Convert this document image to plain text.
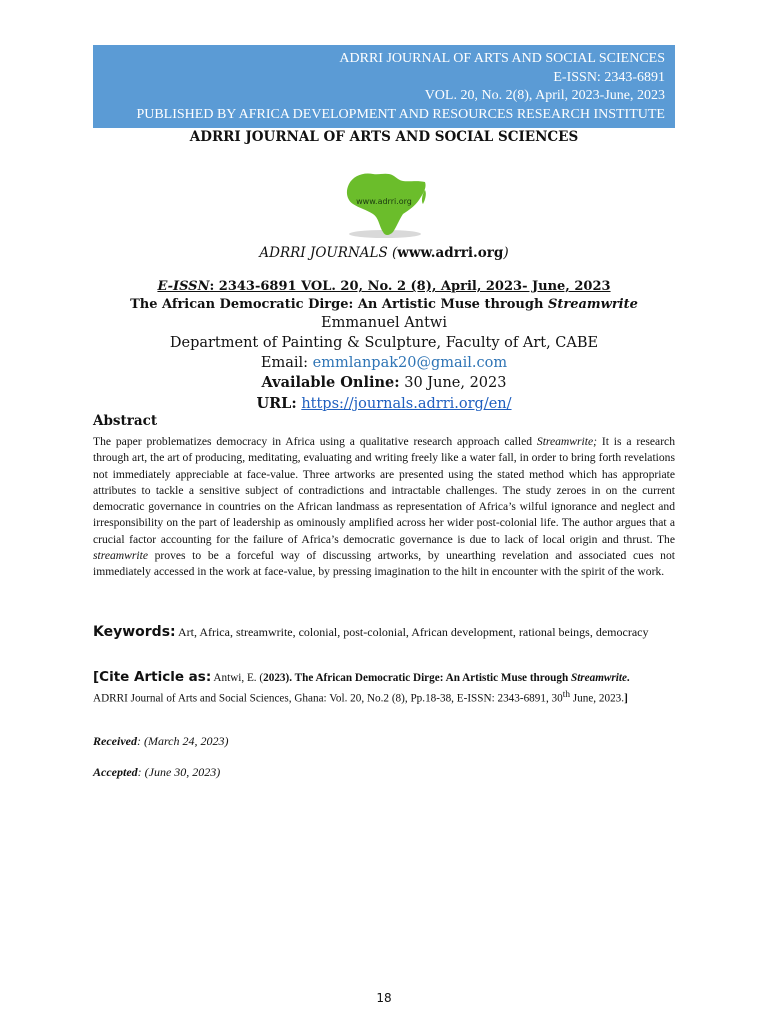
ADRRI JOURNAL OF ARTS AND SOCIAL SCIENCES
E-ISSN: 2343-6891
VOL. 20, No. 2(8), April, 2023-June, 2023
PUBLISHED BY AFRICA DEVELOPMENT AND RESOURCES RESEARCH INSTITUTE
ADRRI JOURNAL OF ARTS AND SOCIAL SCIENCES
www.adrri.org
ADRRI JOURNALS (www.adrri.org)
E-ISSN: 2343-6891 VOL. 20, No. 2 (8), April, 2023- June, 2023
The African Democratic Dirge: An Artistic Muse through Streamwrite
Emmanuel Antwi
Department of Painting & Sculpture, Faculty of Art, CABE
Email: emmlanpak20@gmail.com
Available Online: 30 June, 2023
URL: https://journals.adrri.org/en/
Abstract
The paper problematizes democracy in Africa using a qualitative research approach called Streamwrite; It is a research through art, the art of producing, meditating, evaluating and writing freely like a water fall, in order to bring forth revelations not immediately appreciable at face-value. Three artworks are presented using the stated method which has appropriate attributes to tackle a sensitive subject of contradictions and intractable challenges. The study zeroes in on the current democratic governance in countries on the African landmass as representation of Africa’s wilful ignorance and neglect and irresponsibility on the part of leadership as ominously amplified across her wider post-colonial life. The author argues that a crucial factor accounting for the failure of Africa’s democratic governance is due to lack of local origin and thrust. The streamwrite proves to be a forceful way of discussing artworks, by unearthing revelation and associated cues not immediately accessed in the work at face-value, by pressing imagination to the hilt in encounter with the spirit of the work.
Keywords: Art, Africa, streamwrite, colonial, post-colonial, African development, rational beings, democracy
[Cite Article as: Antwi, E. (2023). The African Democratic Dirge: An Artistic Muse through Streamwrite.
ADRRI Journal of Arts and Social Sciences, Ghana: Vol. 20, No.2 (8), Pp.18-38, E-ISSN: 2343-6891, 30th June, 2023.]
Received: (March 24, 2023)
Accepted: (June 30, 2023)
18
